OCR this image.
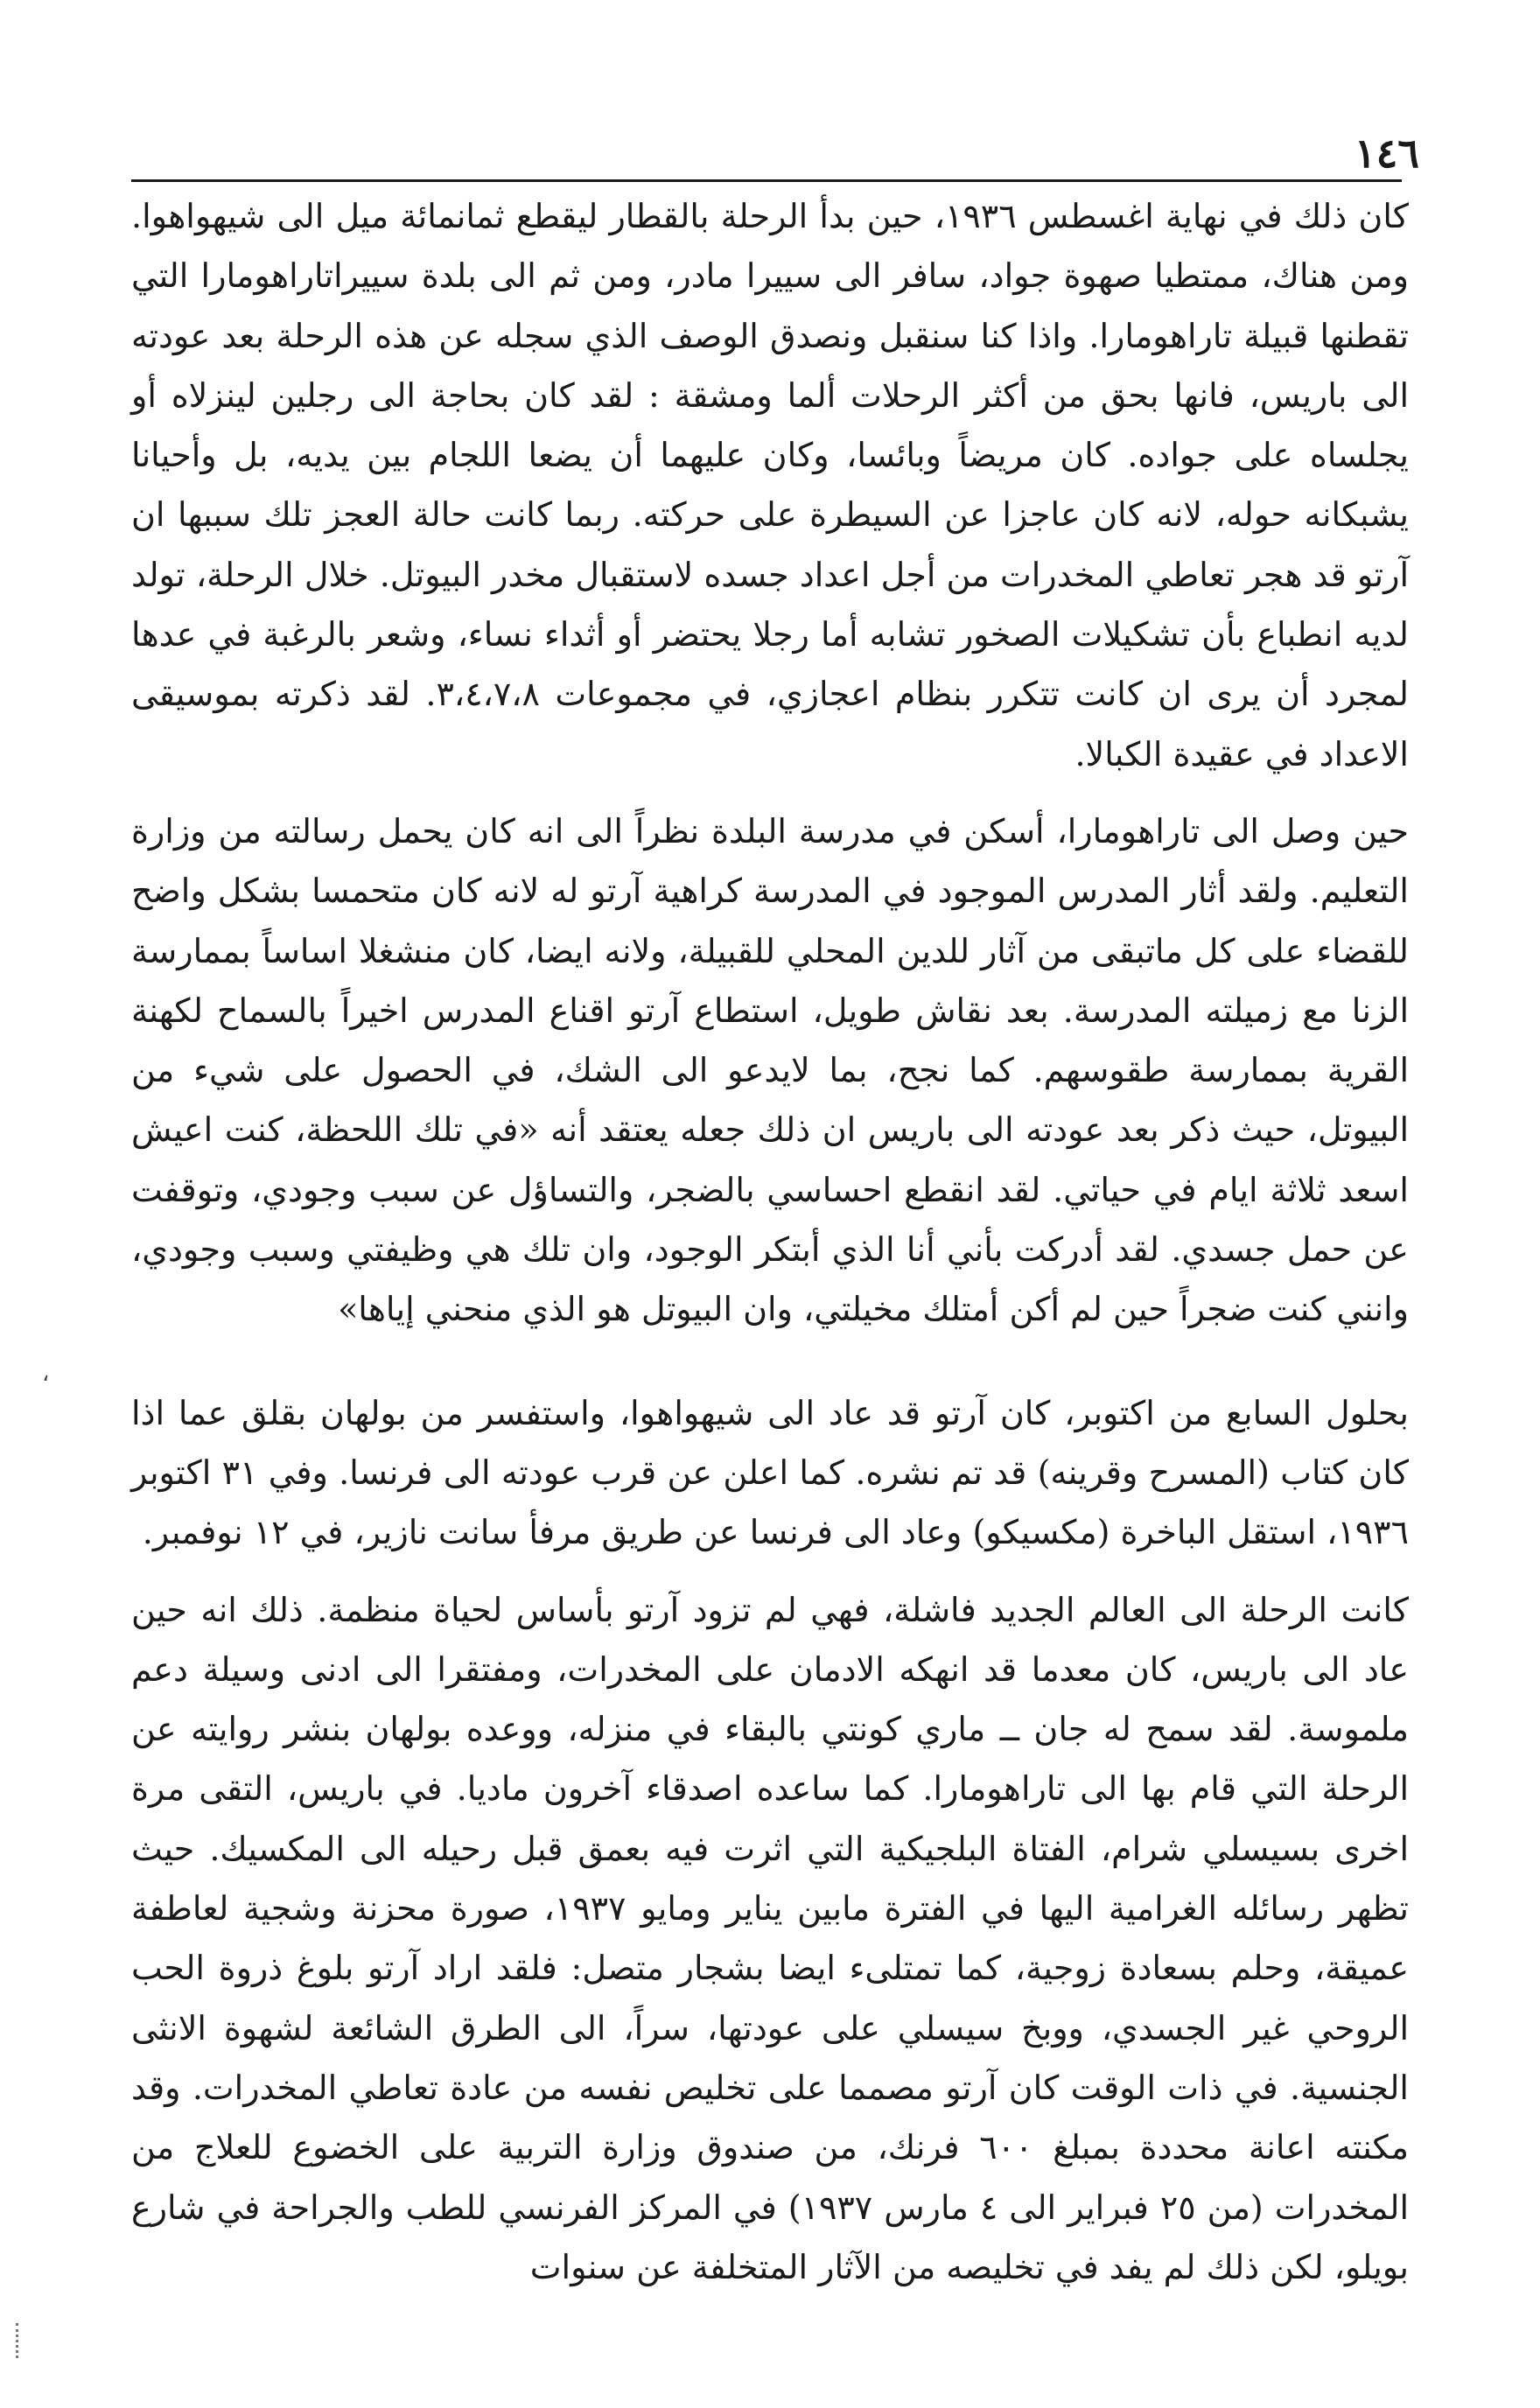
١٤٦

كان ذلك في نهاية اغسطس ١٩٣٦، حين بدأ الرحلة بالقطار ليقطع ثمانمائة ميل الى شيهواهوا. ومن هناك، ممتطيا صهوة جواد، سافر الى سييرا مادر، ومن ثم الى بلدة سييراتاراهومارا التي تقطنها قبيلة تاراهومارا. واذا كنا سنقبل ونصدق الوصف الذي سجله عن هذه الرحلة بعد عودته الى باريس، فانها بحق من أكثر الرحلات ألما ومشقة : لقد كان بحاجة الى رجلين لينزلاه أو يجلساه على جواده. كان مريضاً وبائسا، وكان عليهما أن يضعا اللجام بين يديه، بل وأحيانا يشبكانه حوله، لانه كان عاجزا عن السيطرة على حركته. ربما كانت حالة العجز تلك سببها ان آرتو قد هجر تعاطي المخدرات من أجل اعداد جسده لاستقبال مخدر البيوتل. خلال الرحلة، تولد لديه انطباع بأن تشكيلات الصخور تشابه أما رجلا يحتضر أو أثداء نساء، وشعر بالرغبة في عدها لمجرد أن يرى ان كانت تتكرر بنظام اعجازي، في مجموعات ٣،٤،٧،٨. لقد ذكرته بموسيقى الاعداد في عقيدة الكبالا.

حين وصل الى تاراهومارا، أسكن في مدرسة البلدة نظراً الى انه كان يحمل رسالته من وزارة التعليم. ولقد أثار المدرس الموجود في المدرسة كراهية آرتو له لانه كان متحمسا بشكل واضح للقضاء على كل ماتبقى من آثار للدين المحلي للقبيلة، ولانه ايضا، كان منشغلا اساساً بممارسة الزنا مع زميلته المدرسة. بعد نقاش طويل، استطاع آرتو اقناع المدرس اخيراً بالسماح لكهنة القرية بممارسة طقوسهم. كما نجح، بما لايدعو الى الشك، في الحصول على شيء من البيوتل، حيث ذكر بعد عودته الى باريس ان ذلك جعله يعتقد أنه «في تلك اللحظة، كنت اعيش اسعد ثلاثة ايام في حياتي. لقد انقطع احساسي بالضجر، والتساؤل عن سبب وجودي، وتوقفت عن حمل جسدي. لقد أدركت بأني أنا الذي أبتكر الوجود، وان تلك هي وظيفتي وسبب وجودي، وانني كنت ضجراً حين لم أكن أمتلك مخيلتي، وان البيوتل هو الذي منحني إياها»

بحلول السابع من اكتوبر، كان آرتو قد عاد الى شيهواهوا، واستفسر من بولهان بقلق عما اذا كان كتاب (المسرح وقرينه) قد تم نشره. كما اعلن عن قرب عودته الى فرنسا. وفي ٣١ اكتوبر ١٩٣٦، استقل الباخرة (مكسيكو) وعاد الى فرنسا عن طريق مرفأ سانت نازير، في ١٢ نوفمبر.

كانت الرحلة الى العالم الجديد فاشلة، فهي لم تزود آرتو بأساس لحياة منظمة. ذلك انه حين عاد الى باريس، كان معدما قد انهكه الادمان على المخدرات، ومفتقرا الى ادنى وسيلة دعم ملموسة. لقد سمح له جان ــ ماري كونتي بالبقاء في منزله، ووعده بولهان بنشر روايته عن الرحلة التي قام بها الى تاراهومارا. كما ساعده اصدقاء آخرون ماديا. في باريس، التقى مرة اخرى بسيسلي شرام، الفتاة البلجيكية التي اثرت فيه بعمق قبل رحيله الى المكسيك. حيث تظهر رسائله الغرامية اليها في الفترة مابين يناير ومايو ١٩٣٧، صورة محزنة وشجية لعاطفة عميقة، وحلم بسعادة زوجية، كما تمتلىء ايضا بشجار متصل: فلقد اراد آرتو بلوغ ذروة الحب الروحي غير الجسدي، ووبخ سيسلي على عودتها، سراً، الى الطرق الشائعة لشهوة الانثى الجنسية. في ذات الوقت كان آرتو مصمما على تخليص نفسه من عادة تعاطي المخدرات. وقد مكنته اعانة محددة بمبلغ ٦٠٠ فرنك، من صندوق وزارة التربية على الخضوع للعلاج من المخدرات (من ٢٥ فبراير الى ٤ مارس ١٩٣٧) في المركز الفرنسي للطب والجراحة في شارع بويلو، لكن ذلك لم يفد في تخليصه من الآثار المتخلفة عن سنوات

،
